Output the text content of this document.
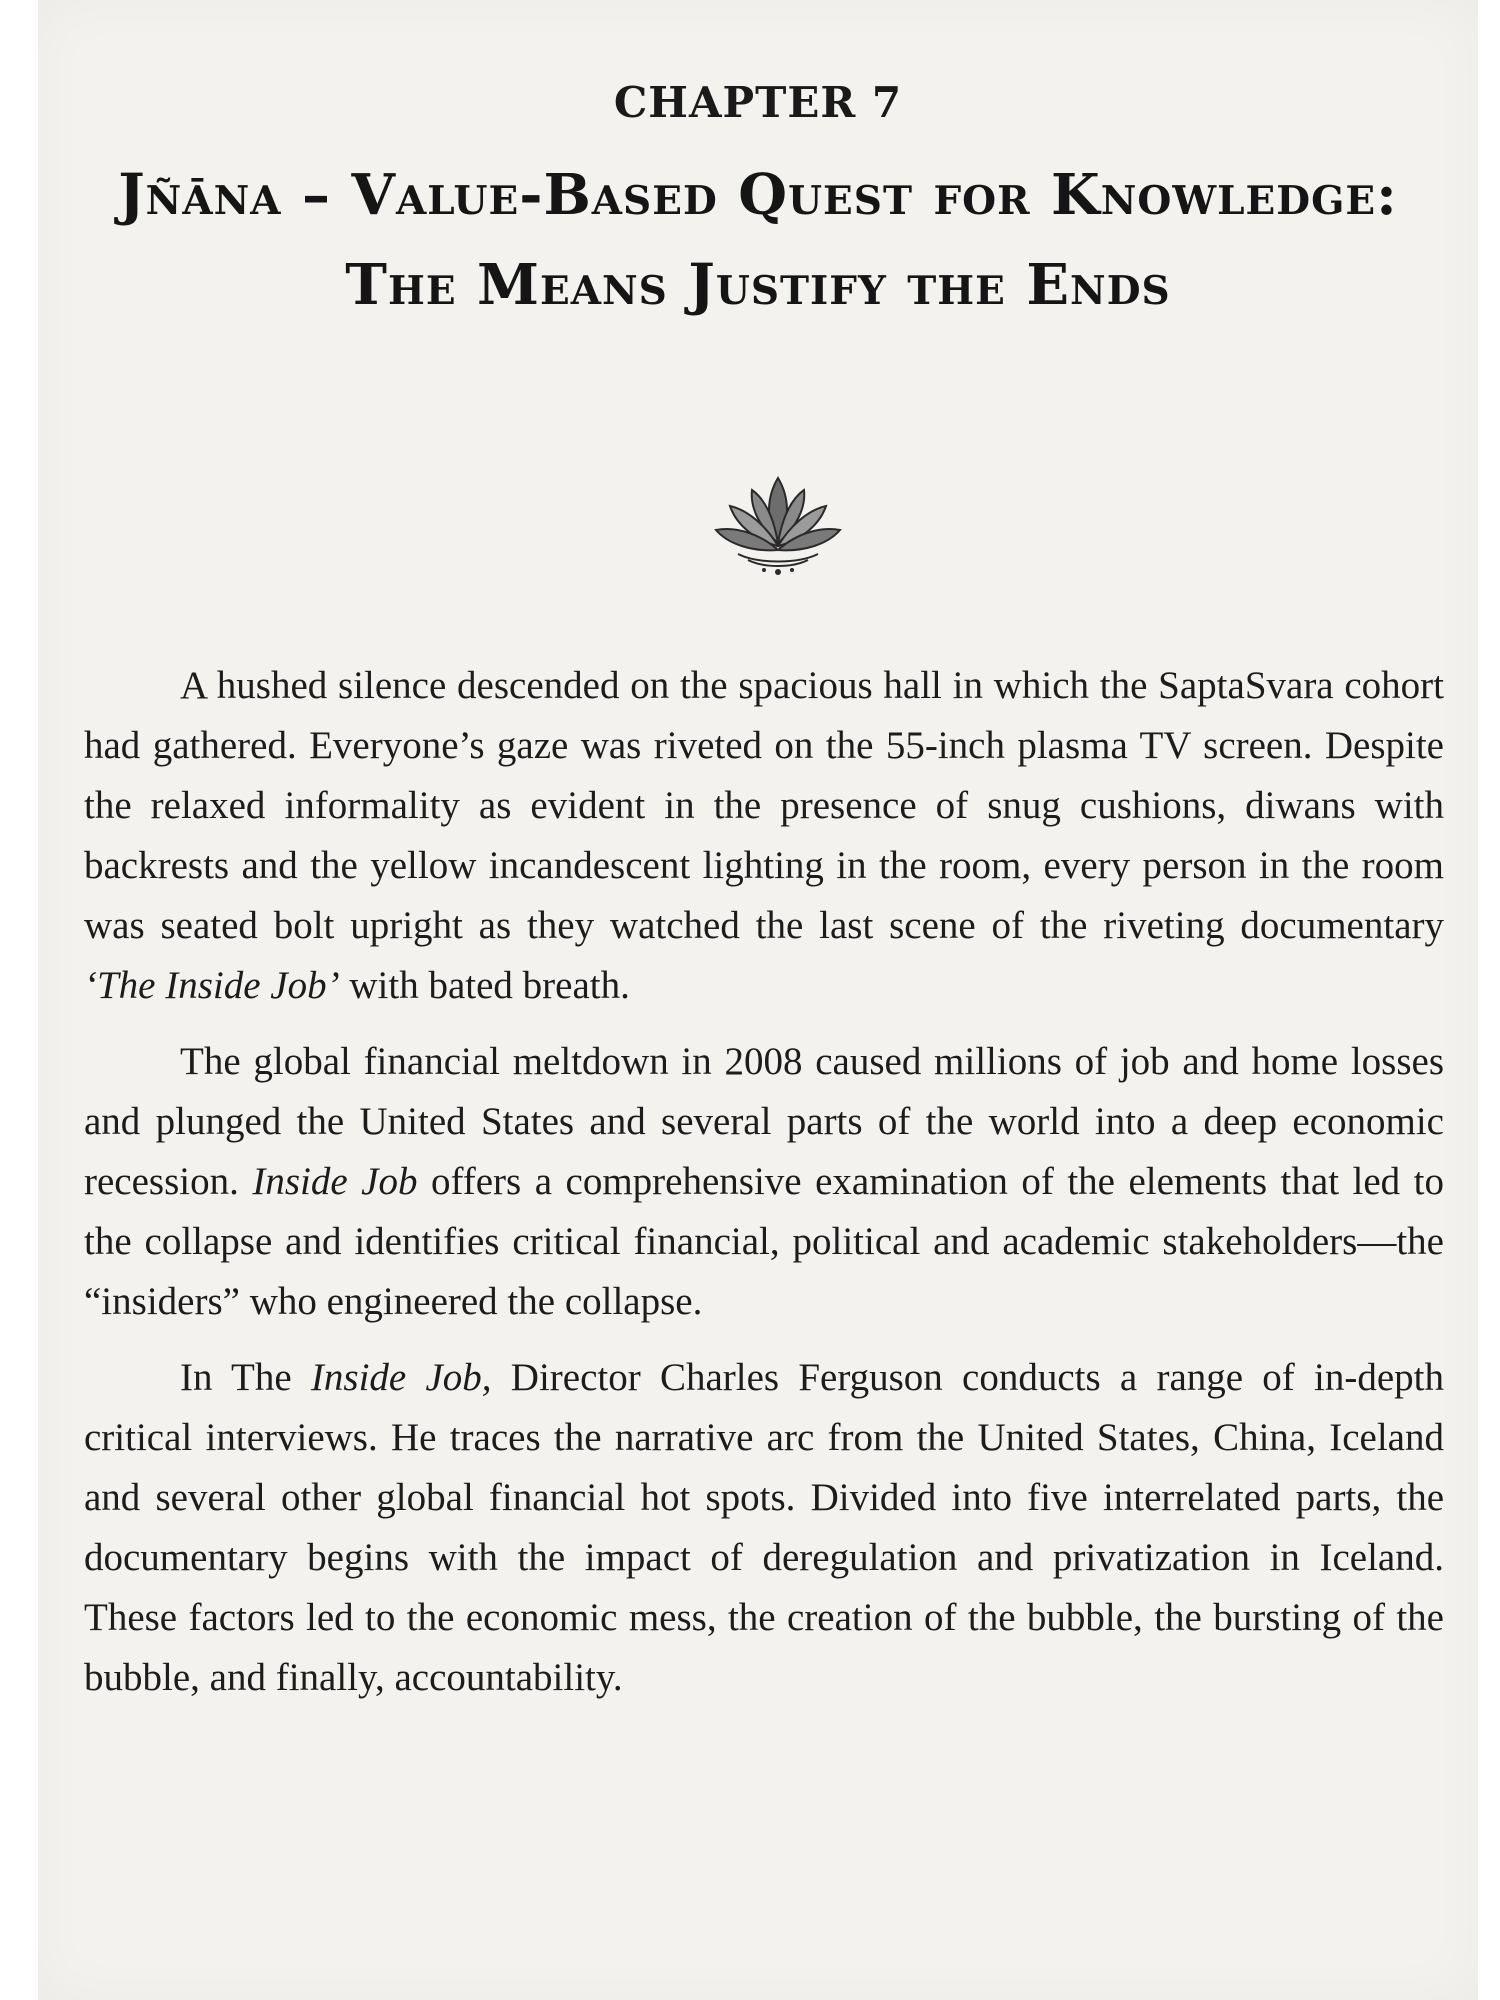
CHAPTER 7
Jñāna – Value-Based Quest for Knowledge: The Means Justify the Ends

A hushed silence descended on the spacious hall in which the SaptaSvara cohort had gathered. Everyone’s gaze was riveted on the 55-inch plasma TV screen. Despite the relaxed informality as evident in the presence of snug cushions, diwans with backrests and the yellow incandescent lighting in the room, every person in the room was seated bolt upright as they watched the last scene of the riveting documentary ‘The Inside Job’ with bated breath.

The global financial meltdown in 2008 caused millions of job and home losses and plunged the United States and several parts of the world into a deep economic recession. Inside Job offers a comprehensive examination of the elements that led to the collapse and identifies critical financial, political and academic stakeholders—the “insiders” who engineered the collapse.

In The Inside Job, Director Charles Ferguson conducts a range of in-depth critical interviews. He traces the narrative arc from the United States, China, Iceland and several other global financial hot spots. Divided into five interrelated parts, the documentary begins with the impact of deregulation and privatization in Iceland. These factors led to the economic mess, the creation of the bubble, the bursting of the bubble, and finally, accountability.
